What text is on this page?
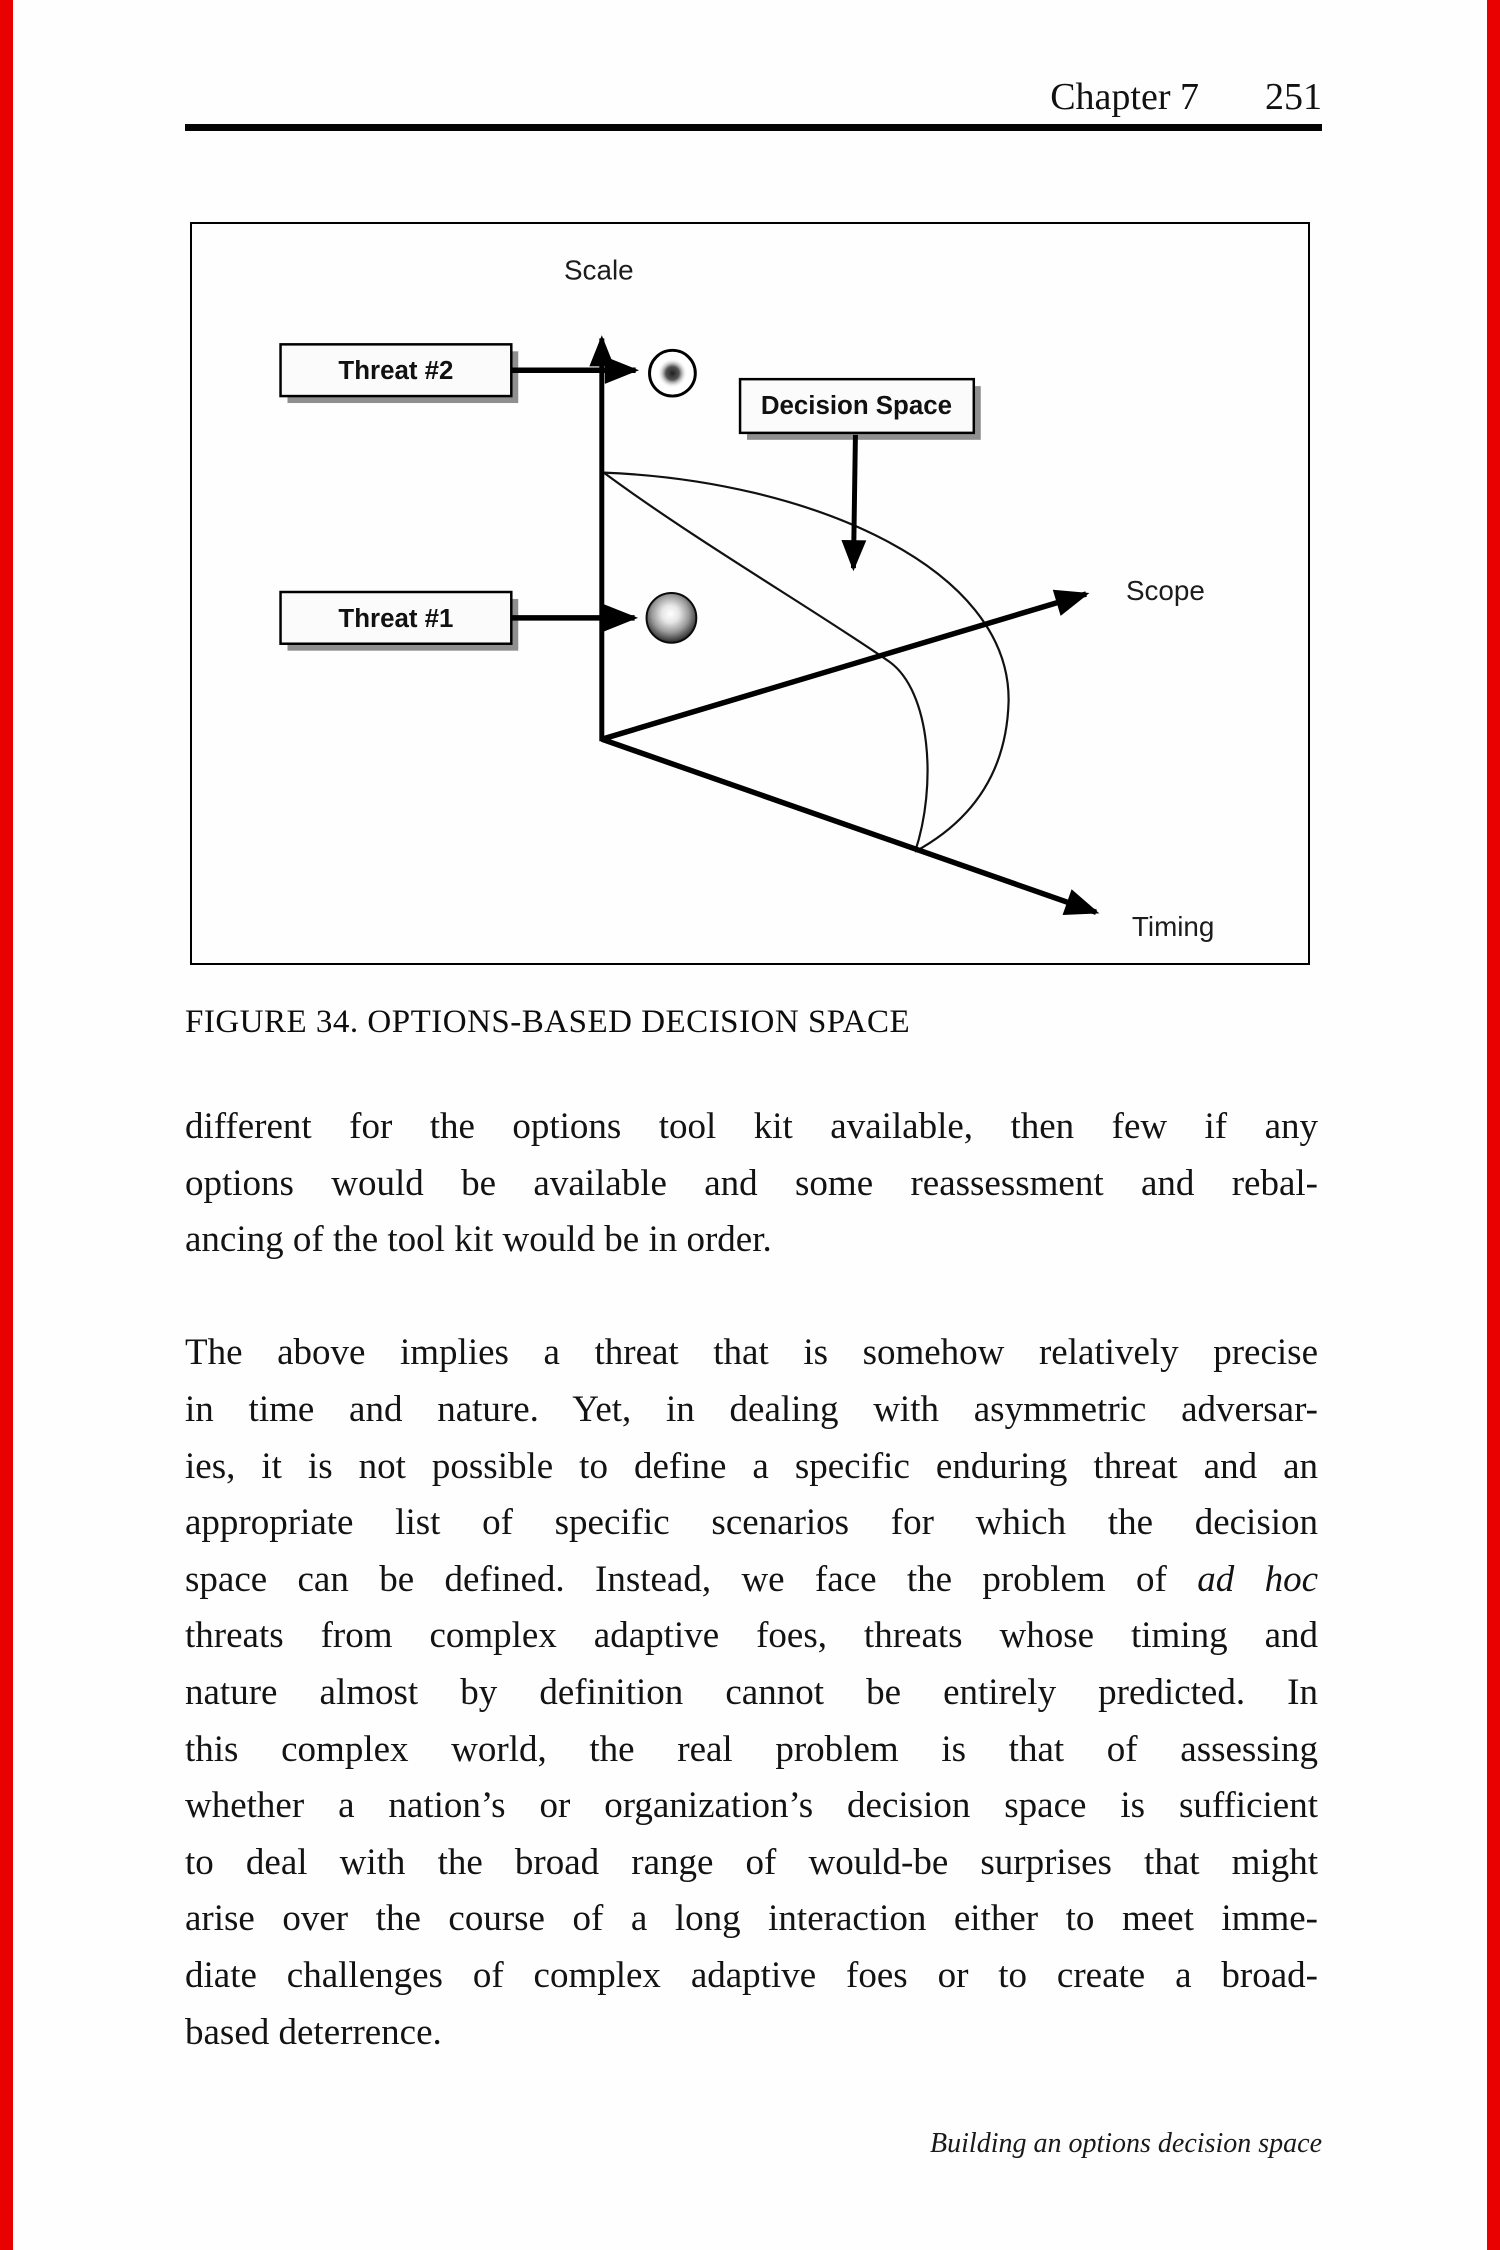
Chapter 7 251
Scale
Scope
Timing
Threat #2
Decision Space
Threat #1
FIGURE 34. OPTIONS-BASED DECISION SPACE
different for the options tool kit available, then few if any
options would be available and some reassessment and rebal-
ancing of the tool kit would be in order.
The above implies a threat that is somehow relatively precise
in time and nature. Yet, in dealing with asymmetric adversar-
ies, it is not possible to define a specific enduring threat and an
appropriate list of specific scenarios for which the decision
space can be defined. Instead, we face the problem of ad hoc
threats from complex adaptive foes, threats whose timing and
nature almost by definition cannot be entirely predicted. In
this complex world, the real problem is that of assessing
whether a nation’s or organization’s decision space is sufficient
to deal with the broad range of would-be surprises that might
arise over the course of a long interaction either to meet imme-
diate challenges of complex adaptive foes or to create a broad-
based deterrence.
Building an options decision space
